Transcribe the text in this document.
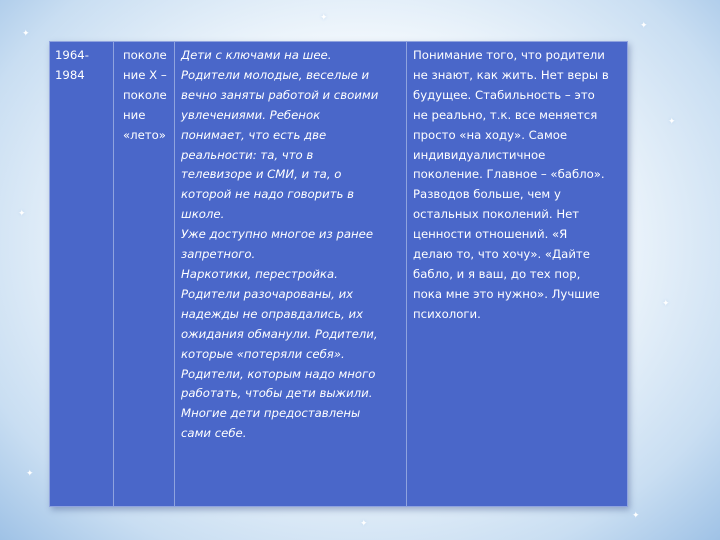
✦
✦
✦
✦
✦
✦
✦
✦
✦
1964-
1984

поколе
ние Х –
поколе
ние
«лето»

Дети с ключами на шее.
Родители молодые, веселые и
вечно заняты работой и своими
увлечениями. Ребенок
понимает, что есть две
реальности: та, что в
телевизоре и СМИ, и та, о
которой не надо говорить в
школе.
Уже доступно многое из ранее
запретного.
Наркотики, перестройка.
Родители разочарованы, их
надежды не оправдались, их
ожидания обманули. Родители,
которые «потеряли себя».
Родители, которым надо много
работать, чтобы дети выжили.
Многие дети предоставлены
сами себе.

Понимание того, что родители
не знают, как жить. Нет веры в
будущее. Стабильность – это
не реально, т.к. все меняется
просто «на ходу». Самое
индивидуалистичное
поколение. Главное – «бабло».
Разводов больше, чем у
остальных поколений. Нет
ценности отношений. «Я
делаю то, что хочу». «Дайте
бабло, и я ваш, до тех пор,
пока мне это нужно». Лучшие
психологи.
